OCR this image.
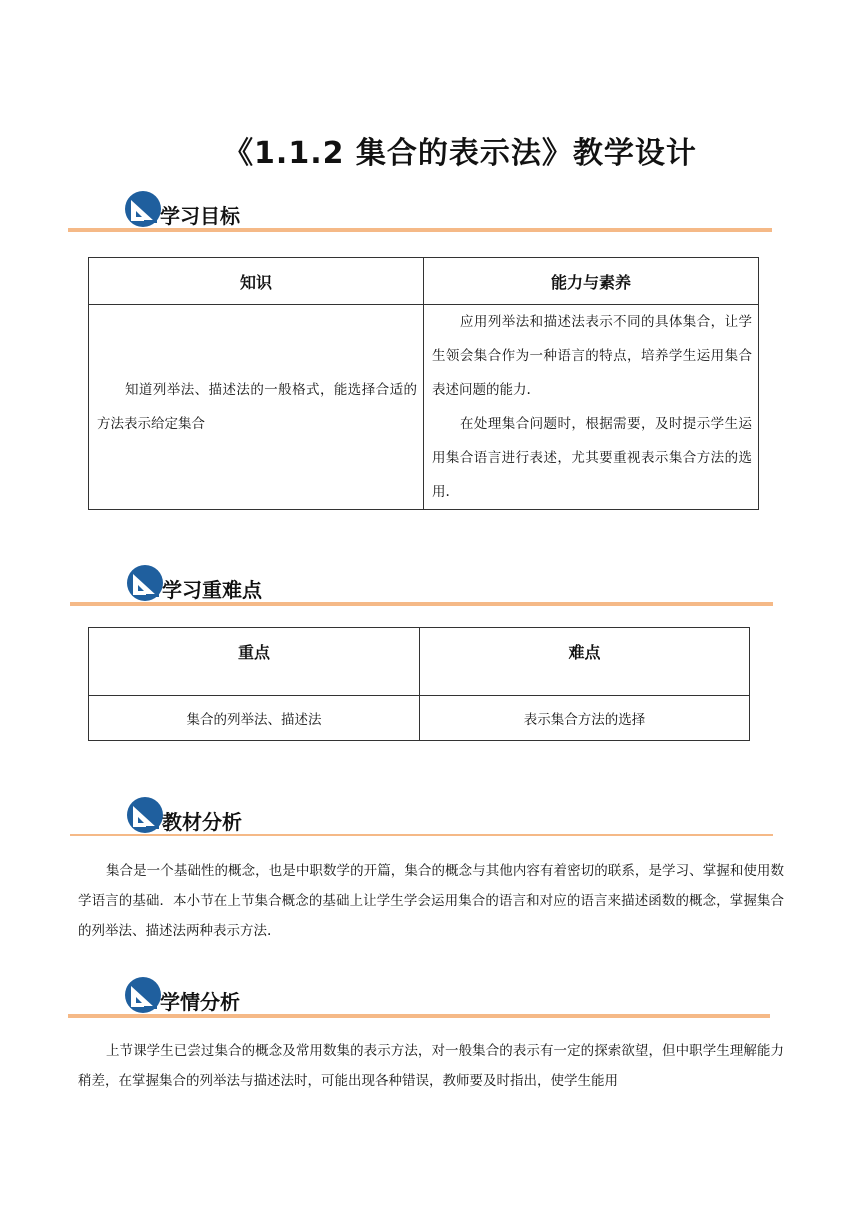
《1.1.2 集合的表示法》教学设计
学习目标
知识	能力与素养

知道列举法、描述法的一般格式，能选择合适的方法表示给定集合	应用列举法和描述法表示不同的具体集合，让学生领会集合作为一种语言的特点，培养学生运用集合表述问题的能力.
在处理集合问题时，根据需要，及时提示学生运用集合语言进行表述，尤其要重视表示集合方法的选用.
学习重难点
重点	难点
集合的列举法、描述法	表示集合方法的选择
教材分析
集合是一个基础性的概念，也是中职数学的开篇，集合的概念与其他内容有着密切的联系，是学习、掌握和使用数学语言的基础．本小节在上节集合概念的基础上让学生学会运用集合的语言和对应的语言来描述函数的概念，掌握集合的列举法、描述法两种表示方法.
学情分析
上节课学生已尝过集合的概念及常用数集的表示方法，对一般集合的表示有一定的探索欲望，但中职学生理解能力稍差，在掌握集合的列举法与描述法时，可能出现各种错误，教师要及时指出，使学生能用
